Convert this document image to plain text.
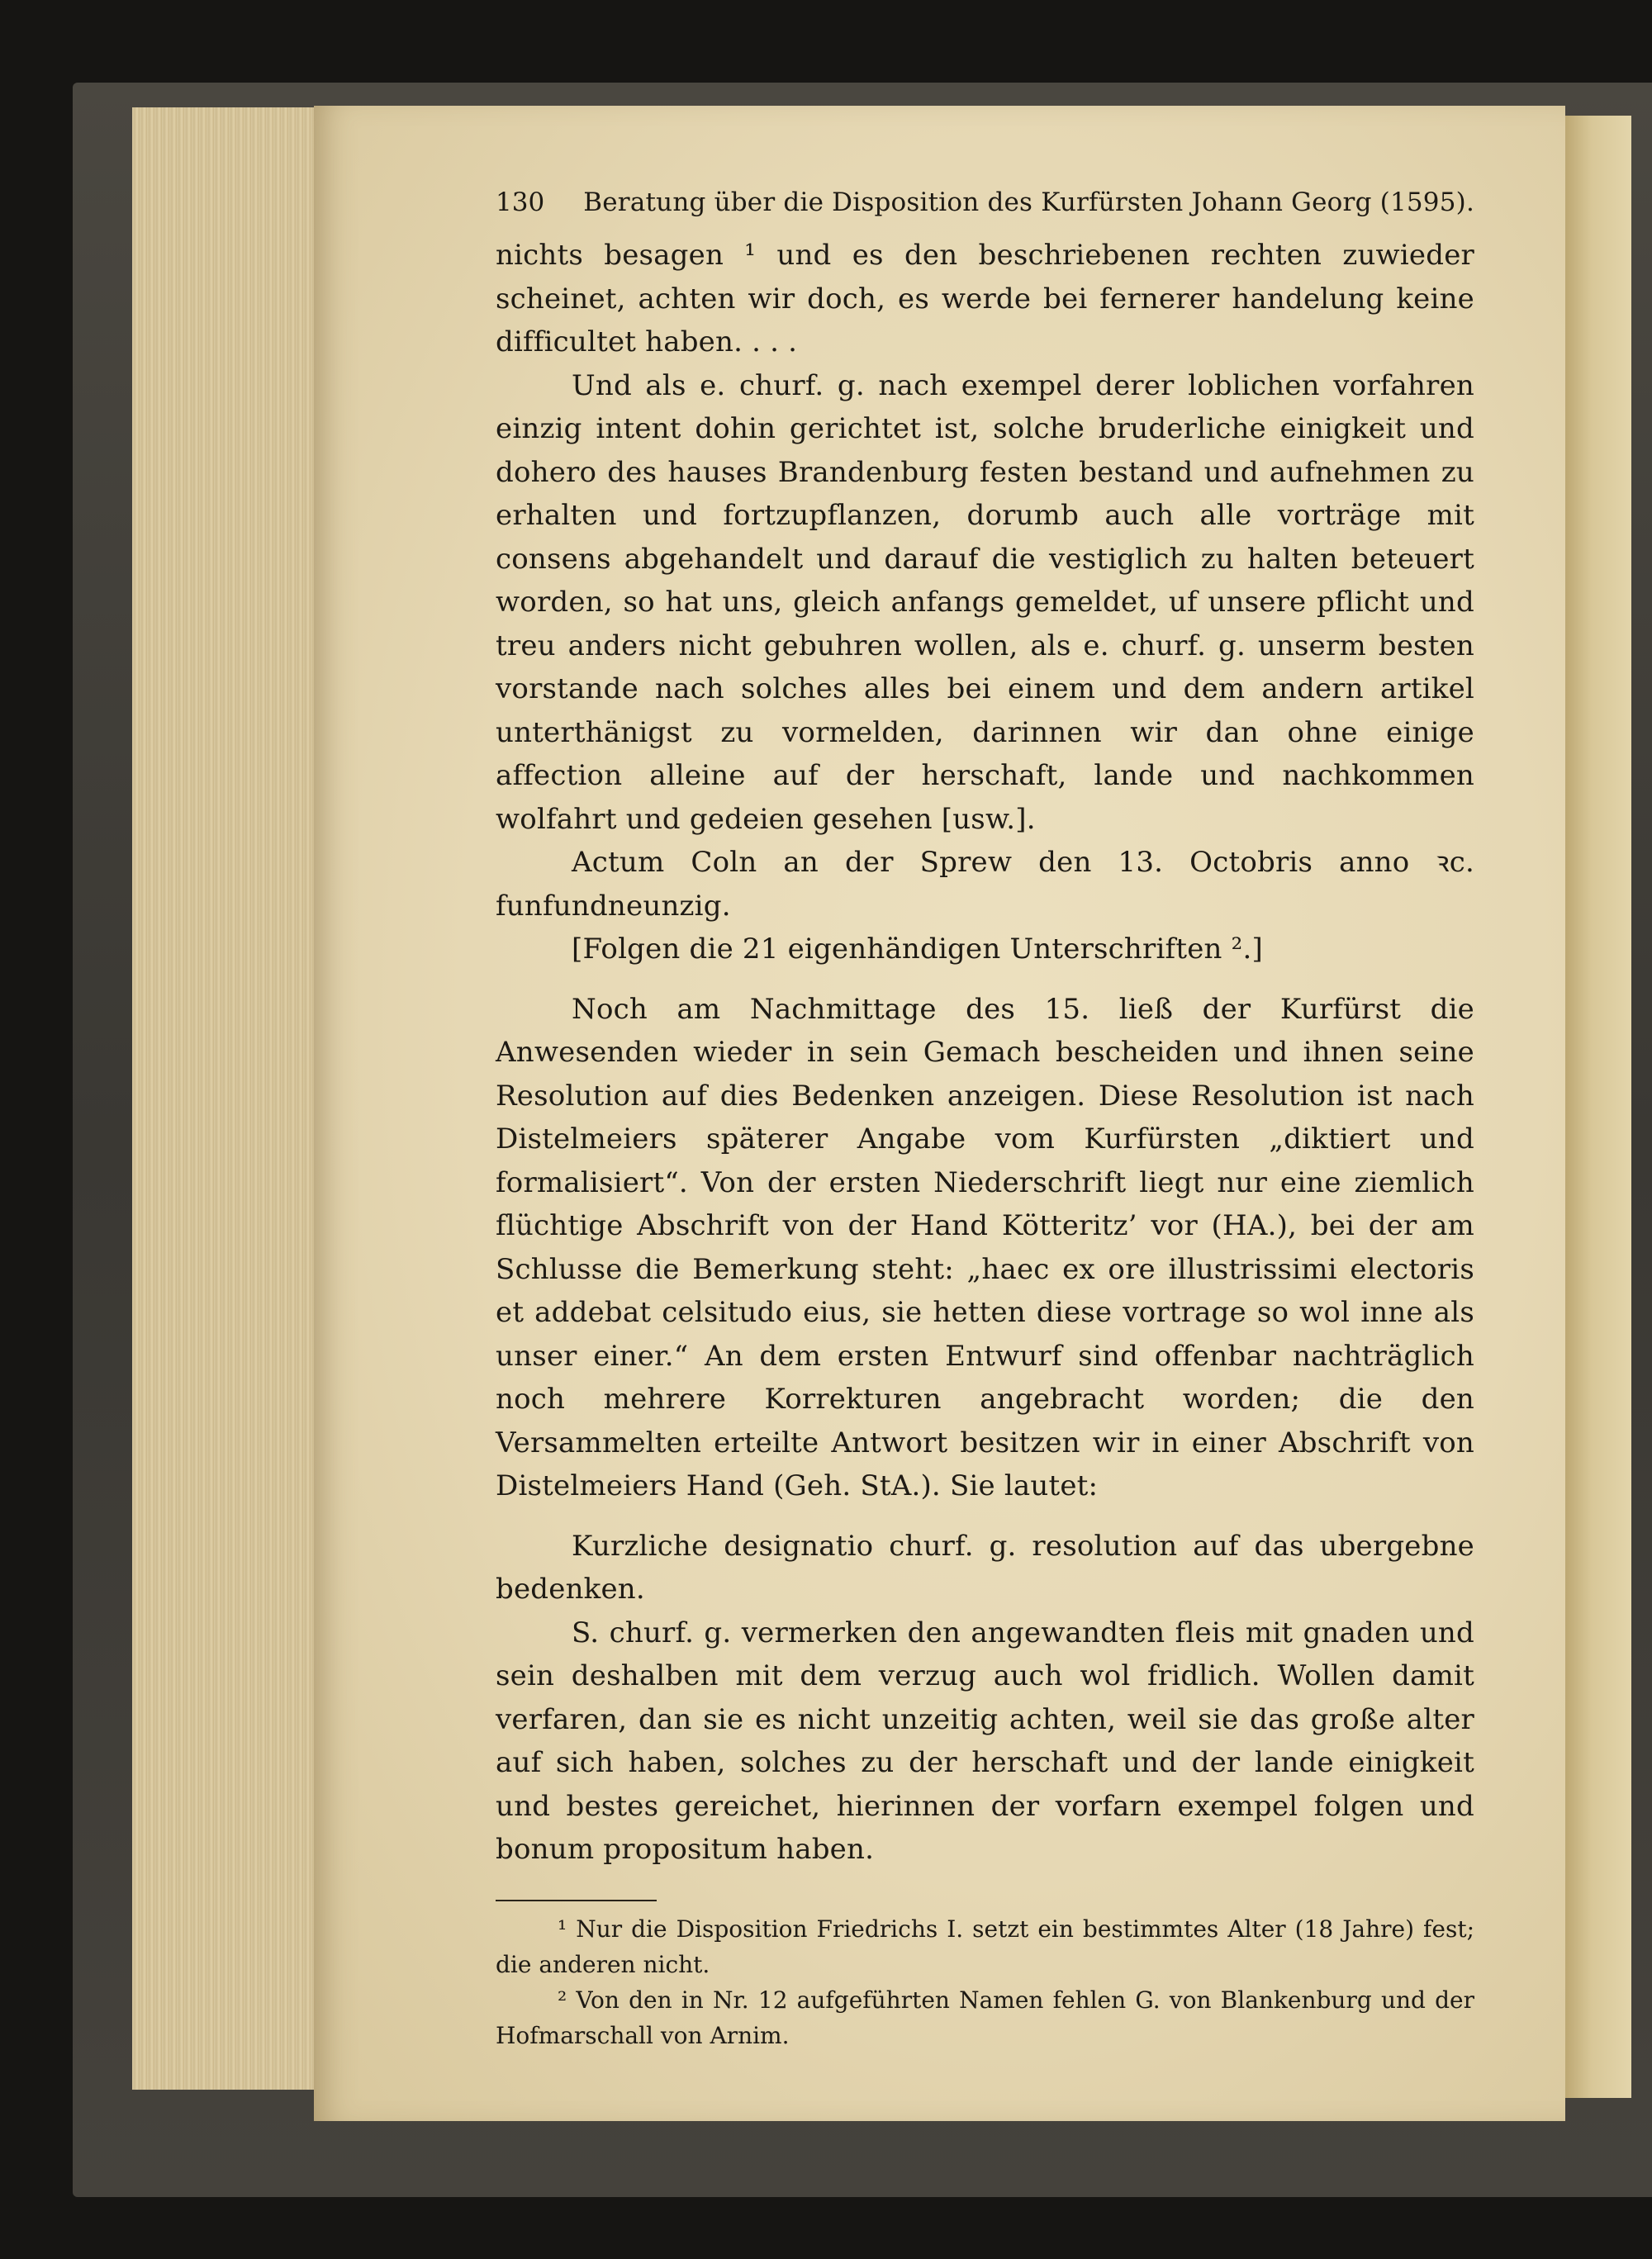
130 Beratung über die Disposition des Kurfürsten Johann Georg (1595).

nichts besagen ¹ und es den beschriebenen rechten zuwieder scheinet, achten wir doch, es werde bei fernerer handelung keine difficultet haben. . . .

Und als e. churf. g. nach exempel derer loblichen vorfahren einzig intent dohin gerichtet ist, solche bruderliche einigkeit und dohero des hauses Brandenburg festen bestand und aufnehmen zu erhalten und fortzupflanzen, dorumb auch alle vorträge mit consens abgehandelt und darauf die vestiglich zu halten beteuert worden, so hat uns, gleich anfangs gemeldet, uf unsere pflicht und treu anders nicht gebuhren wollen, als e. churf. g. unserm besten vorstande nach solches alles bei einem und dem andern artikel unterthänigst zu vormelden, darinnen wir dan ohne einige affection alleine auf der herschaft, lande und nachkommen wolfahrt und gedeien gesehen [usw.].

Actum Coln an der Sprew den 13. Octobris anno ꝛc. funfundneunzig.

[Folgen die 21 eigenhändigen Unterschriften ².]

Noch am Nachmittage des 15. ließ der Kurfürst die Anwesenden wieder in sein Gemach bescheiden und ihnen seine Resolution auf dies Bedenken anzeigen. Diese Resolution ist nach Distelmeiers späterer Angabe vom Kurfürsten „diktiert und formalisiert“. Von der ersten Niederschrift liegt nur eine ziemlich flüchtige Abschrift von der Hand Kötteritz’ vor (HA.), bei der am Schlusse die Bemerkung steht: „haec ex ore illustrissimi electoris et addebat celsitudo eius, sie hetten diese vortrage so wol inne als unser einer.“ An dem ersten Entwurf sind offenbar nachträglich noch mehrere Korrekturen angebracht worden; die den Versammelten erteilte Antwort besitzen wir in einer Abschrift von Distelmeiers Hand (Geh. StA.). Sie lautet:

Kurzliche designatio churf. g. resolution auf das ubergebne bedenken.

S. churf. g. vermerken den angewandten fleis mit gnaden und sein deshalben mit dem verzug auch wol fridlich. Wollen damit verfaren, dan sie es nicht unzeitig achten, weil sie das große alter auf sich haben, solches zu der herschaft und der lande einigkeit und bestes gereichet, hierinnen der vorfarn exempel folgen und bonum propositum haben.

¹ Nur die Disposition Friedrichs I. setzt ein bestimmtes Alter (18 Jahre) fest; die anderen nicht.

² Von den in Nr. 12 aufgeführten Namen fehlen G. von Blankenburg und der Hofmarschall von Arnim.
